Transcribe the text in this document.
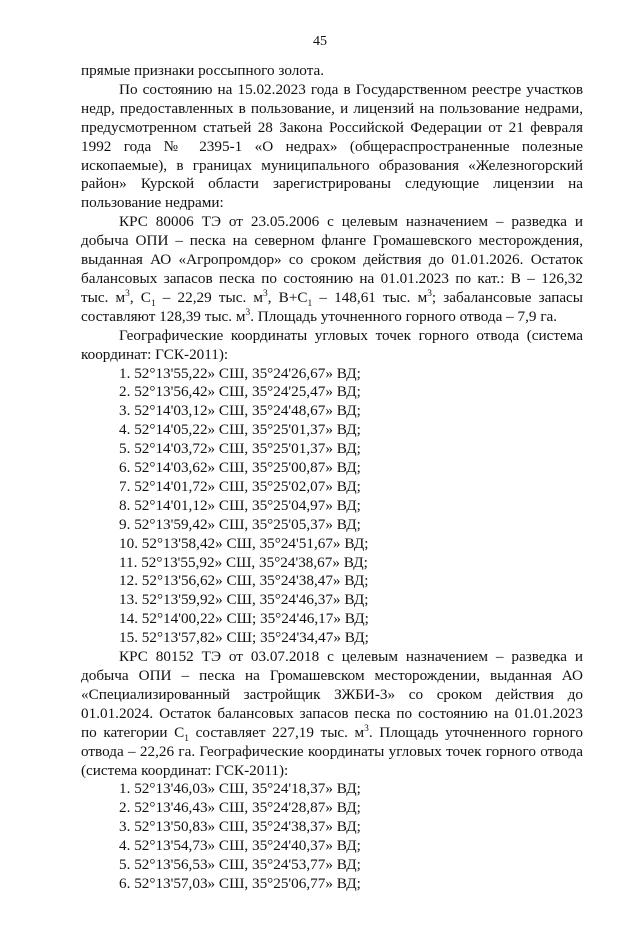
45

прямые признаки россыпного золота.

По состоянию на 15.02.2023 года в Государственном реестре участков недр, предоставленных в пользование, и лицензий на пользование недрами, предусмотренном статьей 28 Закона Российской Федерации от 21 февраля 1992 года № 2395-1 «О недрах» (общераспространенные полезные ископаемые), в границах муниципального образования «Железногорский район» Курской области зарегистрированы следующие лицензии на пользование недрами:

КРС 80006 ТЭ от 23.05.2006 с целевым назначением – разведка и добыча ОПИ – песка на северном фланге Громашевского месторождения, выданная АО «Агропромдор» со сроком действия до 01.01.2026. Остаток балансовых запасов песка по состоянию на 01.01.2023 по кат.: В – 126,32 тыс. $м^3$, $С_1 - 22,29$ тыс. $м^3$, $В+С_1 - 148,61$ тыс. $м^3$; забалансовые запасы составляют 128,39 тыс. $м^3$. Площадь уточненного горного отвода – 7,9 га.

Географические координаты угловых точек горного отвода (система координат: ГСК-2011):

1. 52°13'55,22» СШ, 35°24'26,67» ВД;
2. 52°13'56,42» СШ, 35°24'25,47» ВД;
3. 52°14'03,12» СШ, 35°24'48,67» ВД;
4. 52°14'05,22» СШ, 35°25'01,37» ВД;
5. 52°14'03,72» СШ, 35°25'01,37» ВД;
6. 52°14'03,62» СШ, 35°25'00,87» ВД;
7. 52°14'01,72» СШ, 35°25'02,07» ВД;
8. 52°14'01,12» СШ, 35°25'04,97» ВД;
9. 52°13'59,42» СШ, 35°25'05,37» ВД;
10. 52°13'58,42» СШ, 35°24'51,67» ВД;
11. 52°13'55,92» СШ, 35°24'38,67» ВД;
12. 52°13'56,62» СШ, 35°24'38,47» ВД;
13. 52°13'59,92» СШ, 35°24'46,37» ВД;
14. 52°14'00,22» СШ; 35°24'46,17» ВД;
15. 52°13'57,82» СШ; 35°24'34,47» ВД;

КРС 80152 ТЭ от 03.07.2018 с целевым назначением – разведка и добыча ОПИ – песка на Громашевском месторождении, выданная АО «Специализированный застройщик ЗЖБИ-3» со сроком действия до 01.01.2024. Остаток балансовых запасов песка по состоянию на 01.01.2023 по категории $С_1$ составляет 227,19 тыс. $м^3$. Площадь уточненного горного отвода – 22,26 га. Географические координаты угловых точек горного отвода (система координат: ГСК-2011):

1. 52°13'46,03» СШ, 35°24'18,37» ВД;
2. 52°13'46,43» СШ, 35°24'28,87» ВД;
3. 52°13'50,83» СШ, 35°24'38,37» ВД;
4. 52°13'54,73» СШ, 35°24'40,37» ВД;
5. 52°13'56,53» СШ, 35°24'53,77» ВД;
6. 52°13'57,03» СШ, 35°25'06,77» ВД;
